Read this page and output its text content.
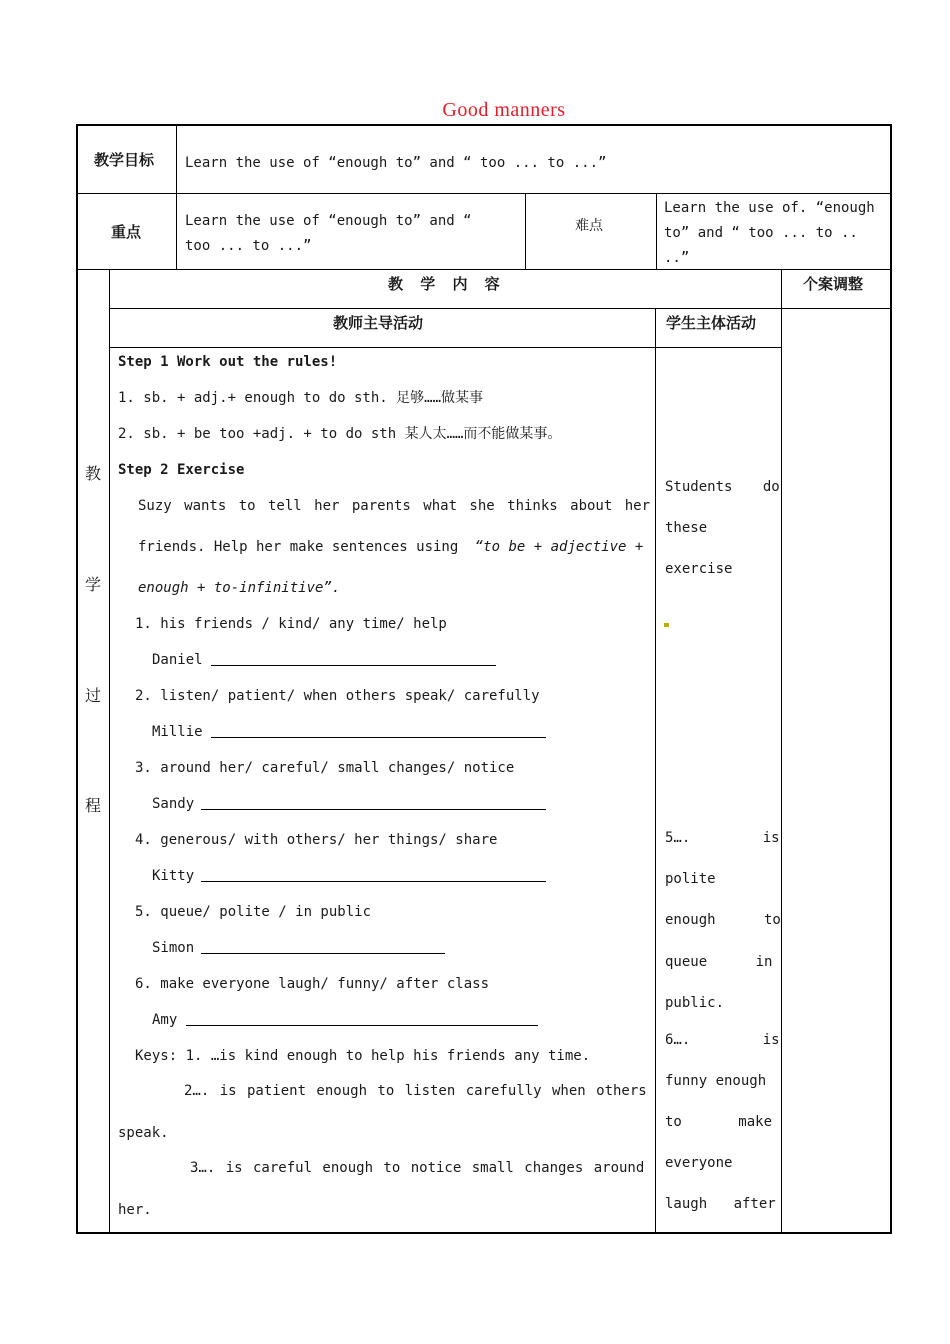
Good manners
教学目标 Learn the use of “enough to” and “ too ... to ...”
重点
Learn the use of “enough to” and “
too ... to ...”
难点
Learn the use of. “enough
to” and “ too ... to ..
..”
教
学
过
程
教 学 内 容	个案调整
教师主导活动	学生主体活动
Step 1 Work out the rules!
1. sb. + adj.+ enough to do sth. 足够……做某事
2. sb. + be too +adj. + to do sth 某人太……而不能做某事。
Step 2 Exercise
Suzy wants to tell her parents what she thinks about her
friends. Help her make sentences using “to be + adjective +
enough + to-infinitive”.
1. his friends / kind/ any time/ help
Daniel
2. listen/ patient/ when others speak/ carefully
Millie
3. around her/ careful/ small changes/ notice
Sandy
4. generous/ with others/ her things/ share
Kitty
5. queue/ polite / in public
Simon
6. make everyone laugh/ funny/ after class
Amy
Keys: 1. …is kind enough to help his friends any time.
2…. is patient enough to listen carefully when others
speak.
3…. is careful enough to notice small changes around
her.
Students do
these
exercise
5…. is
polite
enough to
queue in
public.
6…. is
funny enough
to make
everyone
laugh after
